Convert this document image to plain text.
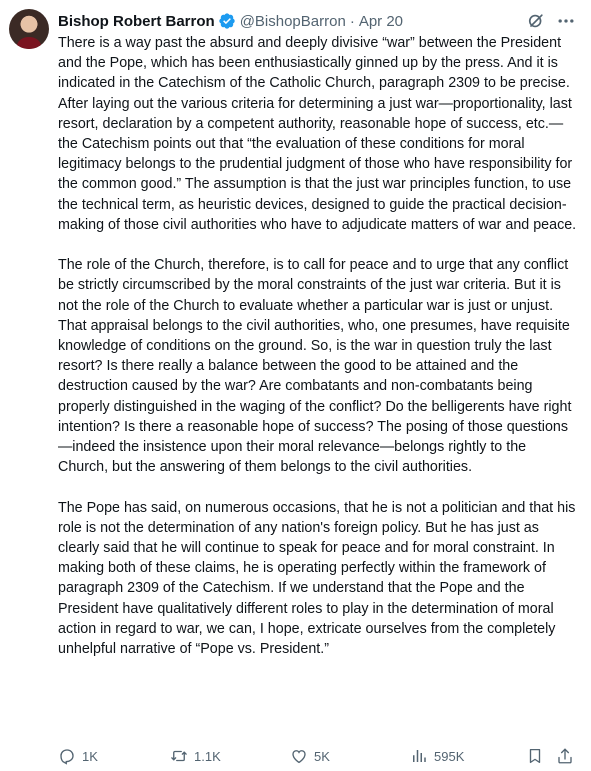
Bishop Robert Barron @BishopBarron · Apr 20

There is a way past the absurd and deeply divisive “war” between the President and the Pope, which has been enthusiastically ginned up by the press. And it is indicated in the Catechism of the Catholic Church, paragraph 2309 to be precise. After laying out the various criteria for determining a just war—proportionality, last resort, declaration by a competent authority, reasonable hope of success, etc.—the Catechism points out that “the evaluation of these conditions for moral legitimacy belongs to the prudential judgment of those who have responsibility for the common good.” The assumption is that the just war principles function, to use the technical term, as heuristic devices, designed to guide the practical decision-making of those civil authorities who have to adjudicate matters of war and peace.

The role of the Church, therefore, is to call for peace and to urge that any conflict be strictly circumscribed by the moral constraints of the just war criteria. But it is not the role of the Church to evaluate whether a particular war is just or unjust. That appraisal belongs to the civil authorities, who, one presumes, have requisite knowledge of conditions on the ground. So, is the war in question truly the last resort? Is there really a balance between the good to be attained and the destruction caused by the war? Are combatants and non-combatants being properly distinguished in the waging of the conflict? Do the belligerents have right intention? Is there a reasonable hope of success? The posing of those questions—indeed the insistence upon their moral relevance—belongs rightly to the Church, but the answering of them belongs to the civil authorities.

The Pope has said, on numerous occasions, that he is not a politician and that his role is not the determination of any nation's foreign policy. But he has just as clearly said that he will continue to speak for peace and for moral constraint. In making both of these claims, he is operating perfectly within the framework of paragraph 2309 of the Catechism. If we understand that the Pope and the President have qualitatively different roles to play in the determination of moral action in regard to war, we can, I hope, extricate ourselves from the completely unhelpful narrative of “Pope vs. President.”

1K	1.1K	5K	595K
